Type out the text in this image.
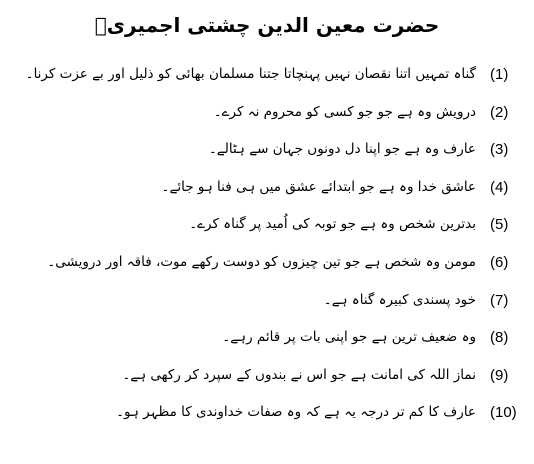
حضرت معین الدین چشتی اجمیریؒ
(1)
گناہ تمہیں اتنا نقصان نہیں پہنچاتا جتنا مسلمان بھائی کو ذلیل اور بے عزت کرنا۔
(2)
درویش وہ ہے جو جو کسی کو محروم نہ کرے۔
(3)
عارف وہ ہے جو اپنا دل دونوں جہان سے ہٹالے۔
(4)
عاشق خدا وہ ہے جو ابتدائے عشق میں ہی فنا ہو جائے۔
(5)
بدترین شخص وہ ہے جو توبہ کی اُمید پر گناہ کرے۔
(6)
مومن وہ شخص ہے جو تین چیزوں کو دوست رکھے موت، فاقہ اور درویشی۔
(7)
خود پسندی کبیرہ گناہ ہے۔
(8)
وہ ضعیف ترین ہے جو اپنی بات پر قائم رہے۔
(9)
نماز اللہ کی امانت ہے جو اس نے بندوں کے سپرد کر رکھی ہے۔
(10)
عارف کا کم تر درجہ یہ ہے کہ وہ صفات خداوندی کا مظہر ہو۔
